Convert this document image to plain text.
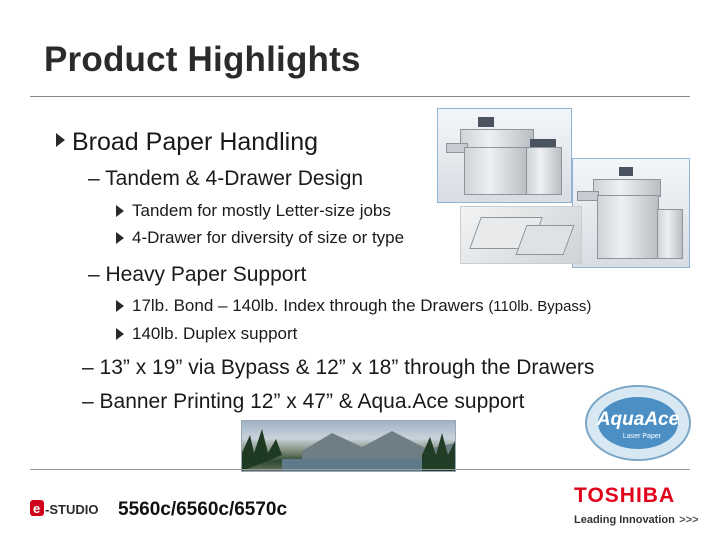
Product Highlights
Broad Paper Handling
– Tandem & 4-Drawer Design
Tandem for mostly Letter-size jobs
4-Drawer for diversity of size or type
– Heavy Paper Support
17lb. Bond – 140lb. Index through the Drawers (110lb. Bypass)
140lb. Duplex support
– 13” x 19” via Bypass & 12” x 18” through the Drawers
– Banner Printing 12” x 47” & Aqua.Ace support
AquaAce
Laser Paper
e -STUDIO 5560c/6560c/6570c
TOSHIBA
Leading Innovation >>>
